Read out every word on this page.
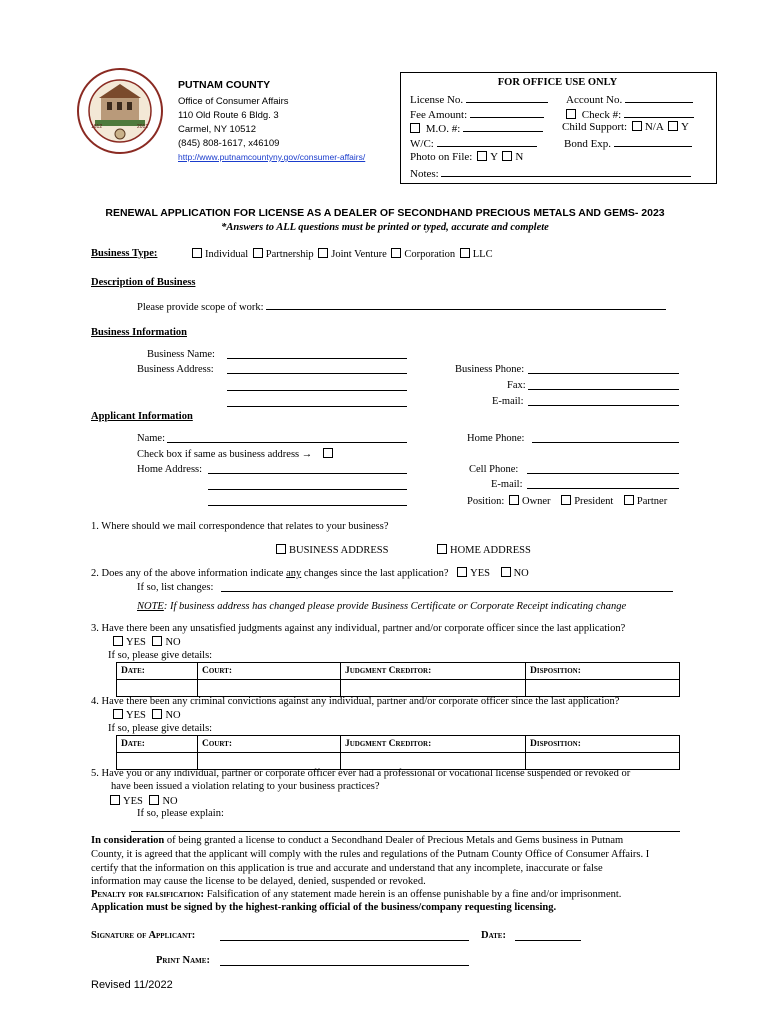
1812	2012
PUTNAM COUNTY
Office of Consumer Affairs
110 Old Route 6 Bldg. 3
Carmel, NY 10512
(845) 808-1617, x46109
http://www.putnamcountyny.gov/consumer-affairs/
FOR OFFICE USE ONLY
License No.	Account No.
Fee Amount:	Check #:
M.O. #:	Child Support: N/A Y
W/C:	Bond Exp.
Photo on File: Y N
Notes:
RENEWAL APPLICATION FOR LICENSE AS A DEALER OF SECONDHAND PRECIOUS METALS AND GEMS- 2023
*Answers to ALL questions must be printed or typed, accurate and complete
Business Type:	Individual Partnership Joint Venture Corporation LLC
Description of Business
Please provide scope of work:
Business Information
Business Name:
Business Address:	Business Phone:
Fax:
E-mail:
Applicant Information
Name:
Check box if same as business address →
Home Address:
Home Phone:
Cell Phone:
E-mail:
Position: Owner President Partner
1. Where should we mail correspondence that relates to your business?
BUSINESS ADDRESS	HOME ADDRESS
2. Does any of the above information indicate any changes since the last application? YES NO
If so, list changes:
NOTE: If business address has changed please provide Business Certificate or Corporate Receipt indicating change
3. Have there been any unsatisfied judgments against any individual, partner and/or corporate officer since the last application?
YES NO
If so, please give details:
Date:	Court:	Judgment Creditor:	Disposition:

4. Have there been any criminal convictions against any individual, partner and/or corporate officer since the last application?
YES NO
If so, please give details:
Date:	Court:	Judgment Creditor:	Disposition:

5. Have you or any individual, partner or corporate officer ever had a professional or vocational license suspended or revoked or
have been issued a violation relating to your business practices?
YES NO
If so, please explain:
In consideration of being granted a license to conduct a Secondhand Dealer of Precious Metals and Gems business in Putnam
County, it is agreed that the applicant will comply with the rules and regulations of the Putnam County Office of Consumer Affairs. I
certify that the information on this application is true and accurate and understand that any incomplete, inaccurate or false
information may cause the license to be delayed, denied, suspended or revoked.
Penalty for falsification: Falsification of any statement made herein is an offense punishable by a fine and/or imprisonment.
Application must be signed by the highest-ranking official of the business/company requesting licensing.
Signature of Applicant:	Date:
Print Name:
Revised 11/2022
